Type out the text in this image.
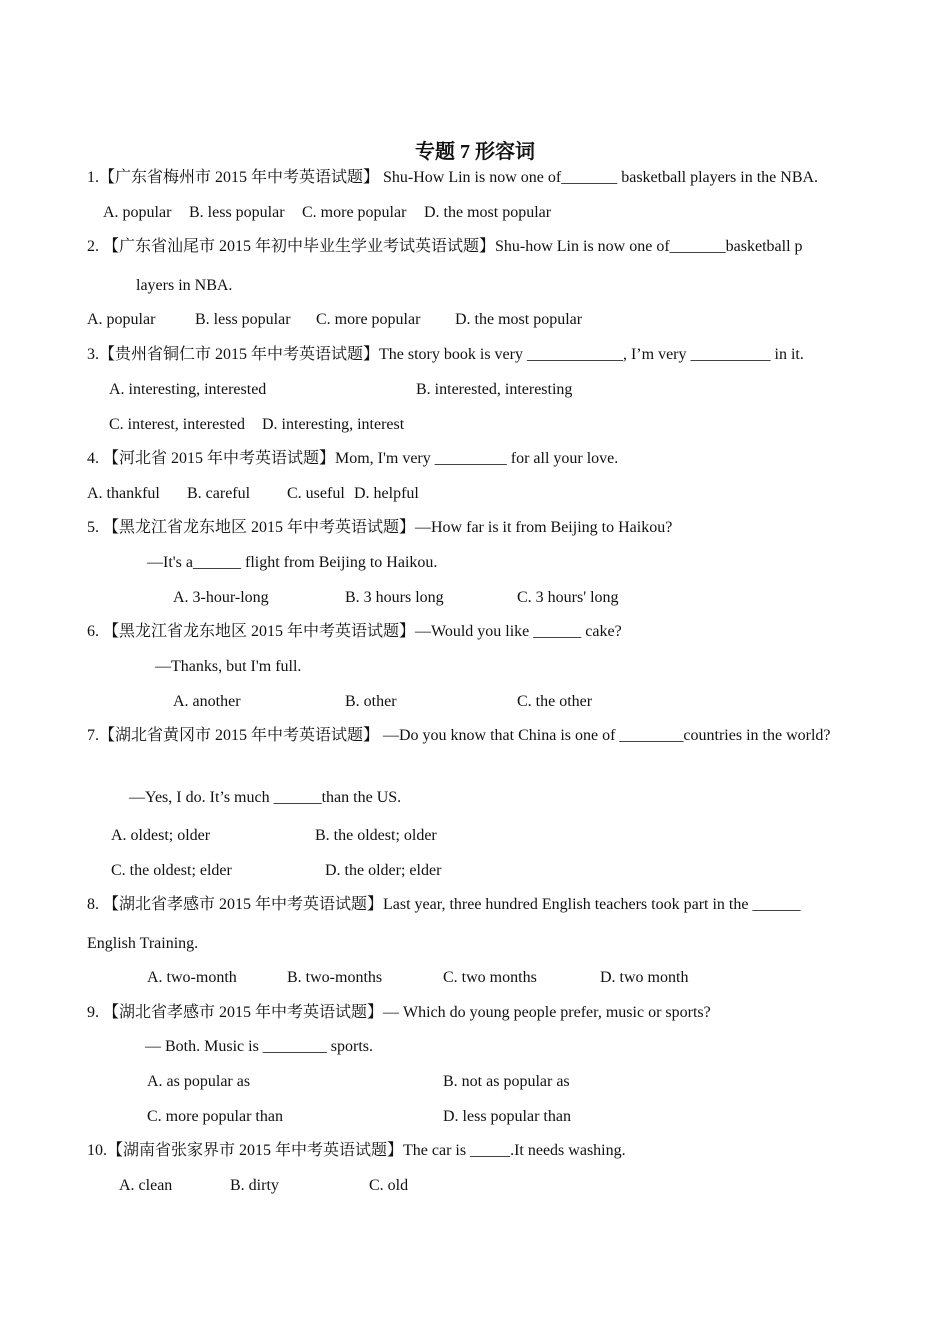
专题 7 形容词
1.【广东省梅州市 2015 年中考英语试题】 Shu-How Lin is now one of_______ basketball players in the NBA.
A. popular B. less popular C. more popular D. the most popular
2. 【广东省汕尾市 2015 年初中毕业生学业考试英语试题】Shu-how Lin is now one of_______basketball p
layers in NBA.
A. popular B. less popular C. more popular D. the most popular
3.【贵州省铜仁市 2015 年中考英语试题】The story book is very ____________, I’m very __________ in it.
A. interesting, interested	B. interested, interesting
C. interest, interested D. interesting, interest
4. 【河北省 2015 年中考英语试题】Mom, I'm very _________ for all your love.
A. thankful B. careful C. useful D. helpful
5. 【黑龙江省龙东地区 2015 年中考英语试题】—How far is it from Beijing to Haikou?
—It's a______ flight from Beijing to Haikou.
A. 3-hour-long	B. 3 hours long	C. 3 hours' long
6. 【黑龙江省龙东地区 2015 年中考英语试题】—Would you like ______ cake?
—Thanks, but I'm full.
A. another	B. other	C. the other
7.【湖北省黄冈市 2015 年中考英语试题】 —Do you know that China is one of ________countries in the world?
—Yes, I do. It’s much ______than the US.
A. oldest; older	B. the oldest; older
C. the oldest; elder	D. the older; elder
8. 【湖北省孝感市 2015 年中考英语试题】Last year, three hundred English teachers took part in the ______
English Training.
A. two-month	B. two-months	C. two months	D. two month
9. 【湖北省孝感市 2015 年中考英语试题】— Which do young people prefer, music or sports?
— Both. Music is ________ sports.
A. as popular as	B. not as popular as
C. more popular than	D. less popular than
10.【湖南省张家界市 2015 年中考英语试题】The car is _____.It needs washing.
A. clean	B. dirty	C. old
